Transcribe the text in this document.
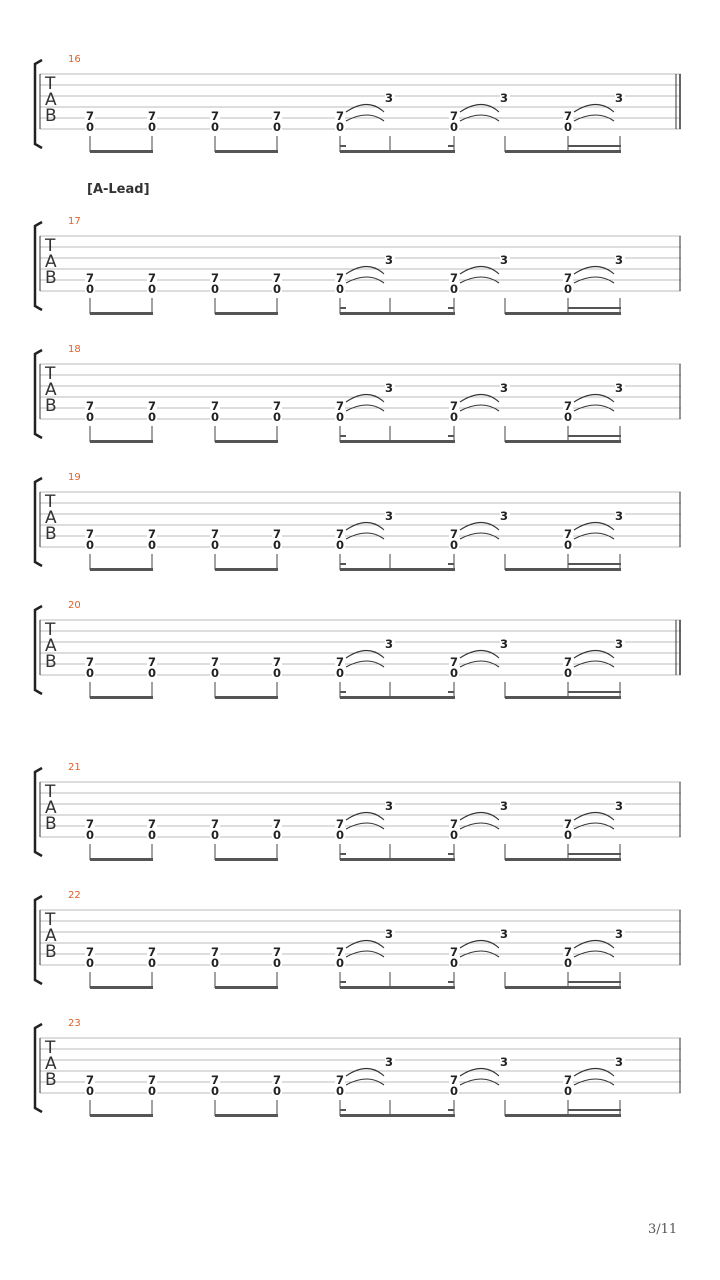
[A-Lead]
16
T
A
B	7
0
7
0
7
0
7
0
7
0
3
7
0
3
7
0
3
17
T
A
B	7
0
7
0
7
0
7
0
7
0
3
7
0
3
7
0
3
18
T
A
B	7
0
7
0
7
0
7
0
7
0
3
7
0
3
7
0
3
19
T
A
B	7
0
7
0
7
0
7
0
7
0
3
7
0
3
7
0
3
20
T
A
B	7
0
7
0
7
0
7
0
7
0
3
7
0
3
7
0
3
21
T
A
B	7
0
7
0
7
0
7
0
7
0
3
7
0
3
7
0
3
22
T
A
B	7
0
7
0
7
0
7
0
7
0
3
7
0
3
7
0
3
23
T
A
B	7
0
7
0
7
0
7
0
7
0
3
7
0
3
7
0
3
3/11
